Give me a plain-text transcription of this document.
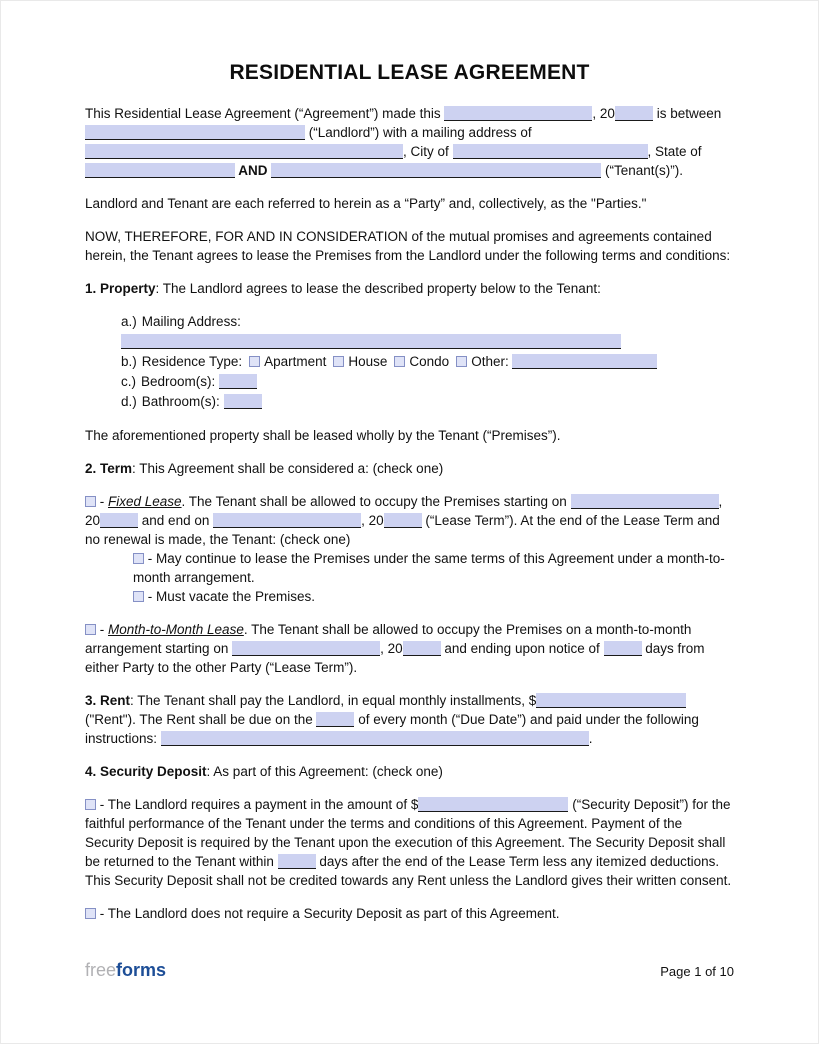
RESIDENTIAL LEASE AGREEMENT

This Residential Lease Agreement (“Agreement”) made this	, 20	is between  (“Landlord”) with a mailing address of , City of	, State of  AND	(“Tenant(s)”).

Landlord and Tenant are each referred to herein as a “Party” and, collectively, as the "Parties."

NOW, THEREFORE, FOR AND IN CONSIDERATION of the mutual promises and agreements contained herein, the Tenant agrees to lease the Premises from the Landlord under the following terms and conditions:

1. Property: The Landlord agrees to lease the described property below to the Tenant:

a.) Mailing Address:
b.) Residence Type: Apartment House Condo Other:
c.) Bedroom(s):
d.) Bathroom(s):

The aforementioned property shall be leased wholly by the Tenant (“Premises”).

2. Term: This Agreement shall be considered a: (check one)

- Fixed Lease. The Tenant shall be allowed to occupy the Premises starting on	, 20	and end on	, 20	(“Lease Term”). At the end of the Lease Term and no renewal is made, the Tenant: (check one)

- May continue to lease the Premises under the same terms of this Agreement under a month-to-month arrangement.

- Must vacate the Premises.

- Month-to-Month Lease. The Tenant shall be allowed to occupy the Premises on a month-to-month arrangement starting on	, 20	and ending upon notice of	days from either Party to the other Party (“Lease Term”).

3. Rent: The Tenant shall pay the Landlord, in equal monthly installments, $ ("Rent"). The Rent shall be due on the	of every month (“Due Date”) and paid under the following instructions:	.

4. Security Deposit: As part of this Agreement: (check one)

- The Landlord requires a payment in the amount of $	(“Security Deposit”) for the faithful performance of the Tenant under the terms and conditions of this Agreement. Payment of the Security Deposit is required by the Tenant upon the execution of this Agreement. The Security Deposit shall be returned to the Tenant within	days after the end of the Lease Term less any itemized deductions. This Security Deposit shall not be credited towards any Rent unless the Landlord gives their written consent.

- The Landlord does not require a Security Deposit as part of this Agreement.

freeforms	Page 1 of 10
